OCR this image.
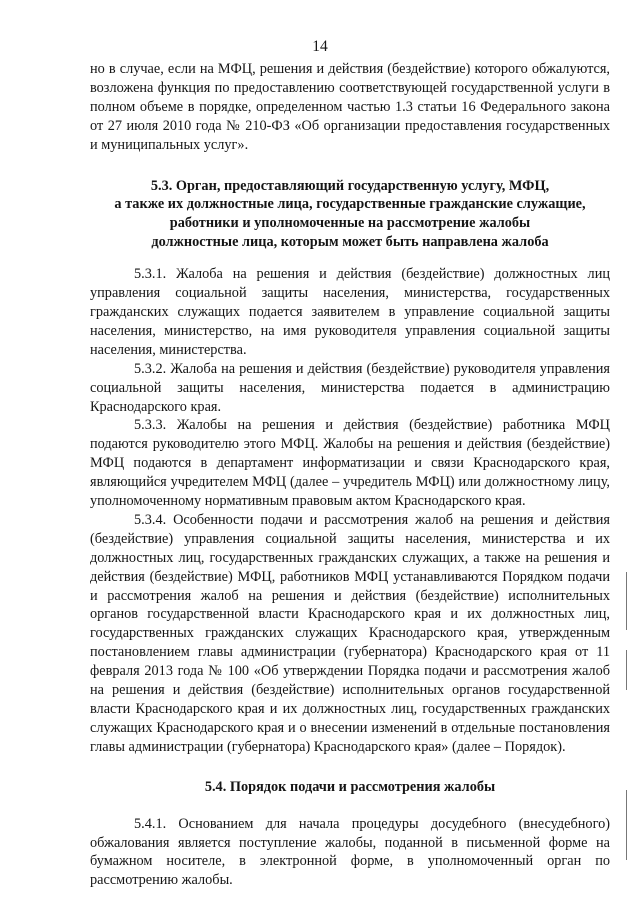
14

но в случае, если на МФЦ, решения и действия (бездействие) которого обжалуются, возложена функция по предоставлению соответствующей государственной услуги в полном объеме в порядке, определенном частью 1.3 статьи 16 Федерального закона от 27 июля 2010 года № 210-ФЗ «Об организации предоставления государственных и муниципальных услуг».

5.3. Орган, предоставляющий государственную услугу, МФЦ,
а также их должностные лица, государственные гражданские служащие,
работники и уполномоченные на рассмотрение жалобы
должностные лица, которым может быть направлена жалоба

5.3.1. Жалоба на решения и действия (бездействие) должностных лиц управления социальной защиты населения, министерства, государственных гражданских служащих подается заявителем в управление социальной защиты населения, министерство, на имя руководителя управления социальной защиты населения, министерства.

5.3.2. Жалоба на решения и действия (бездействие) руководителя управления социальной защиты населения, министерства подается в администрацию Краснодарского края.

5.3.3. Жалобы на решения и действия (бездействие) работника МФЦ подаются руководителю этого МФЦ. Жалобы на решения и действия (бездействие) МФЦ подаются в департамент информатизации и связи Краснодарского края, являющийся учредителем МФЦ (далее – учредитель МФЦ) или должностному лицу, уполномоченному нормативным правовым актом Краснодарского края.

5.3.4. Особенности подачи и рассмотрения жалоб на решения и действия (бездействие) управления социальной защиты населения, министерства и их должностных лиц, государственных гражданских служащих, а также на решения и действия (бездействие) МФЦ, работников МФЦ устанавливаются Порядком подачи и рассмотрения жалоб на решения и действия (бездействие) исполнительных органов государственной власти Краснодарского края и их должностных лиц, государственных гражданских служащих Краснодарского края, утвержденным постановлением главы администрации (губернатора) Краснодарского края от 11 февраля 2013 года № 100 «Об утверждении Порядка подачи и рассмотрения жалоб на решения и действия (бездействие) исполнительных органов государственной власти Краснодарского края и их должностных лиц, государственных гражданских служащих Краснодарского края и о внесении изменений в отдельные постановления главы администрации (губернатора) Краснодарского края» (далее – Порядок).

5.4. Порядок подачи и рассмотрения жалобы

5.4.1. Основанием для начала процедуры досудебного (внесудебного) обжалования является поступление жалобы, поданной в письменной форме на бумажном носителе, в электронной форме, в уполномоченный орган по рассмотрению жалобы.
